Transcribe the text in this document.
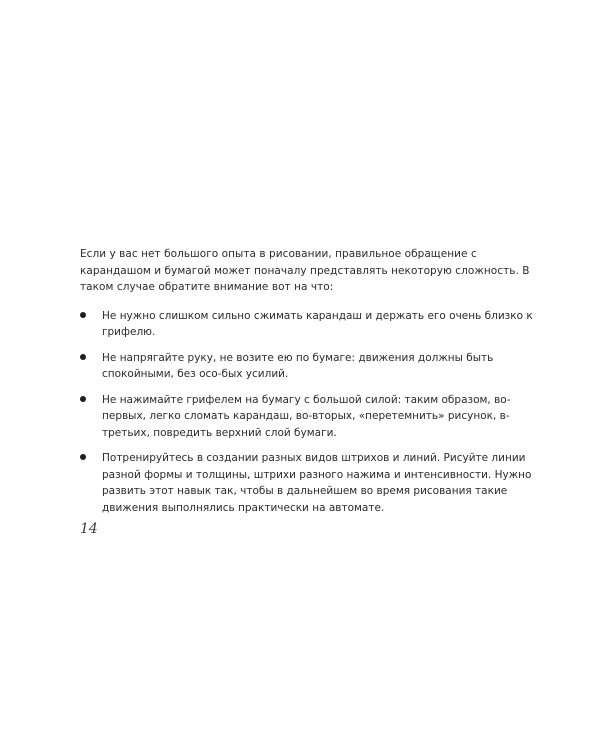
Если у вас нет большого опыта в рисовании, правильное обращение с карандашом и бумагой может поначалу представлять некоторую сложность. В таком случае обратите внимание вот на что:

Не нужно слишком сильно сжимать карандаш и держать его очень близко к грифелю.
Не напрягайте руку, не возите ею по бумаге: движения должны быть спокойными, без осо-бых усилий.
Не нажимайте грифелем на бумагу с большой силой: таким образом, во-первых, легко сломать карандаш, во-вторых, «перетемнить» рисунок, в-третьих, повредить верхний слой бумаги.
Потренируйтесь в создании разных видов штрихов и линий. Рисуйте линии разной формы и толщины, штрихи разного нажима и интенсивности. Нужно развить этот навык так, чтобы в дальнейшем во время рисования такие движения выполнялись практически на автомате.
14
